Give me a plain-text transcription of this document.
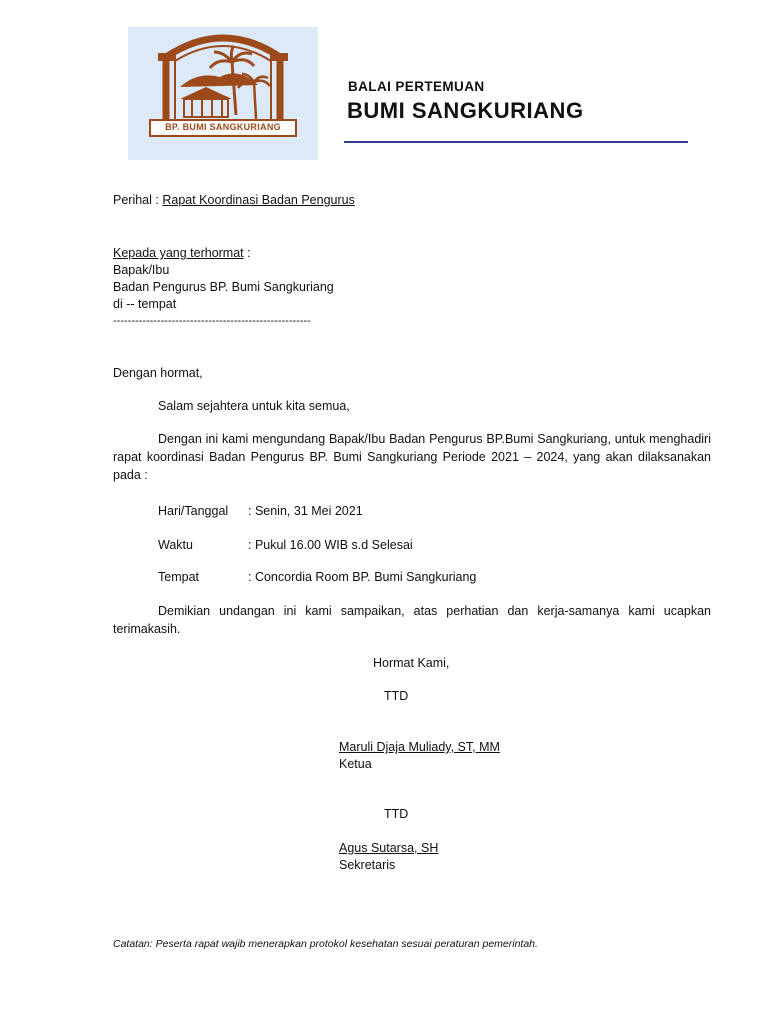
BP. BUMI SANGKURIANG
BALAI PERTEMUAN
BUMI SANGKURIANG
Perihal : Rapat Koordinasi Badan Pengurus
Kepada yang terhormat :
Bapak/Ibu
Badan Pengurus BP. Bumi Sangkuriang
di -- tempat
------------------------------------------------------
Dengan hormat,
Salam sejahtera untuk kita semua,
Dengan ini kami mengundang Bapak/Ibu Badan Pengurus BP.Bumi Sangkuriang, untuk menghadiri rapat koordinasi Badan Pengurus BP. Bumi Sangkuriang Periode 2021 – 2024, yang akan dilaksanakan pada :
Hari/Tanggal : Senin, 31 Mei 2021
Waktu	: Pukul 16.00 WIB s.d Selesai
Tempat	: Concordia Room BP. Bumi Sangkuriang
Demikian undangan ini kami sampaikan, atas perhatian dan kerja-samanya kami ucapkan terimakasih.
Hormat Kami,
TTD
Maruli Djaja Muliady, ST, MM
Ketua
TTD
Agus Sutarsa, SH
Sekretaris
Catatan: Peserta rapat wajib menerapkan protokol kesehatan sesuai peraturan pemerintah.
